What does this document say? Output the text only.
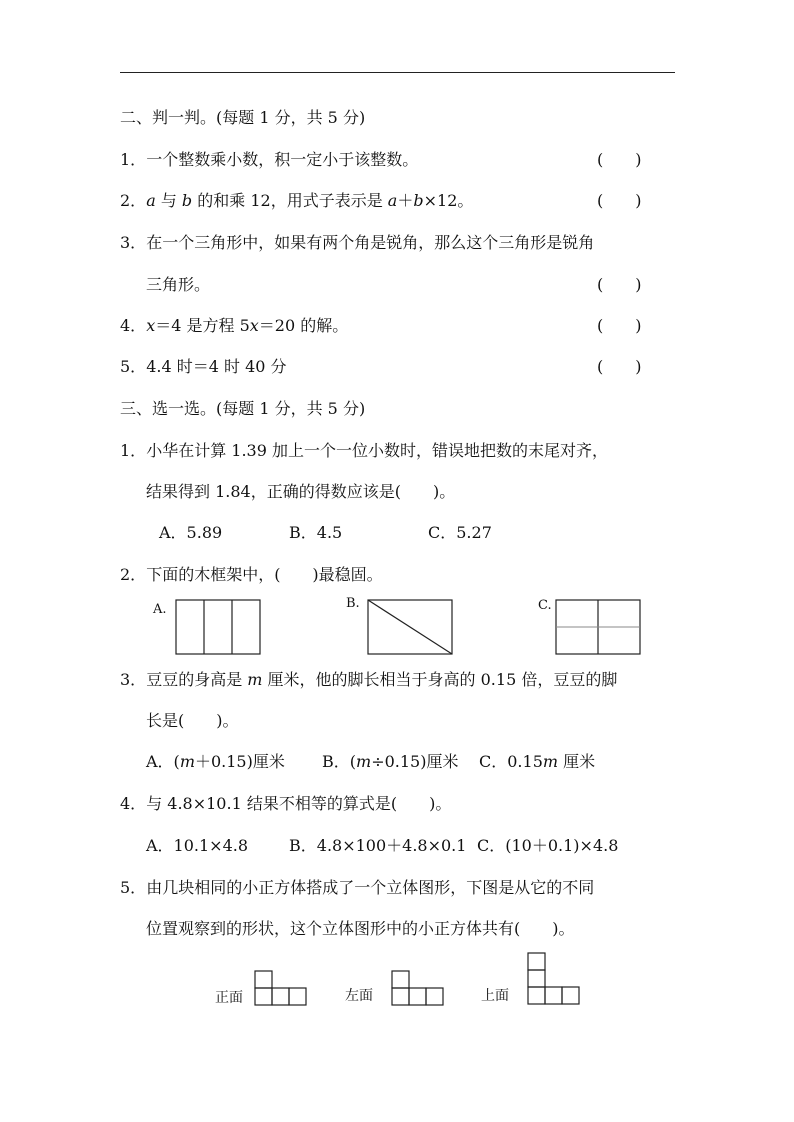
二、判一判。(每题 1 分，共 5 分)
1．一个整数乘小数，积一定小于该整数。	(　　)
2．a 与 b 的和乘 12，用式子表示是 a＋b×12。	(　　)
3．在一个三角形中，如果有两个角是锐角，那么这个三角形是锐角
三角形。	(　　)
4．x＝4 是方程 5x＝20 的解。	(　　)
5．4.4 时＝4 时 40 分	(　　)
三、选一选。(每题 1 分，共 5 分)
1．小华在计算 1.39 加上一个一位小数时，错误地把数的末尾对齐，
结果得到 1.84，正确的得数应该是(　　)。
A．5.89	B．4.5	C．5.27
2．下面的木框架中，(　　)最稳固。
A.	B.	C.
3．豆豆的身高是 m 厘米，他的脚长相当于身高的 0.15 倍，豆豆的脚
长是(　　)。
A．(m＋0.15)厘米 B．(m÷0.15)厘米 C．0.15m 厘米
4．与 4.8×10.1 结果不相等的算式是(　　)。
A．10.1×4.8	B．4.8×100＋4.8×0.1 C．(10＋0.1)×4.8
5．由几块相同的小正方体搭成了一个立体图形，下图是从它的不同
位置观察到的形状，这个立体图形中的小正方体共有(　　)。
正面	左面	上面
